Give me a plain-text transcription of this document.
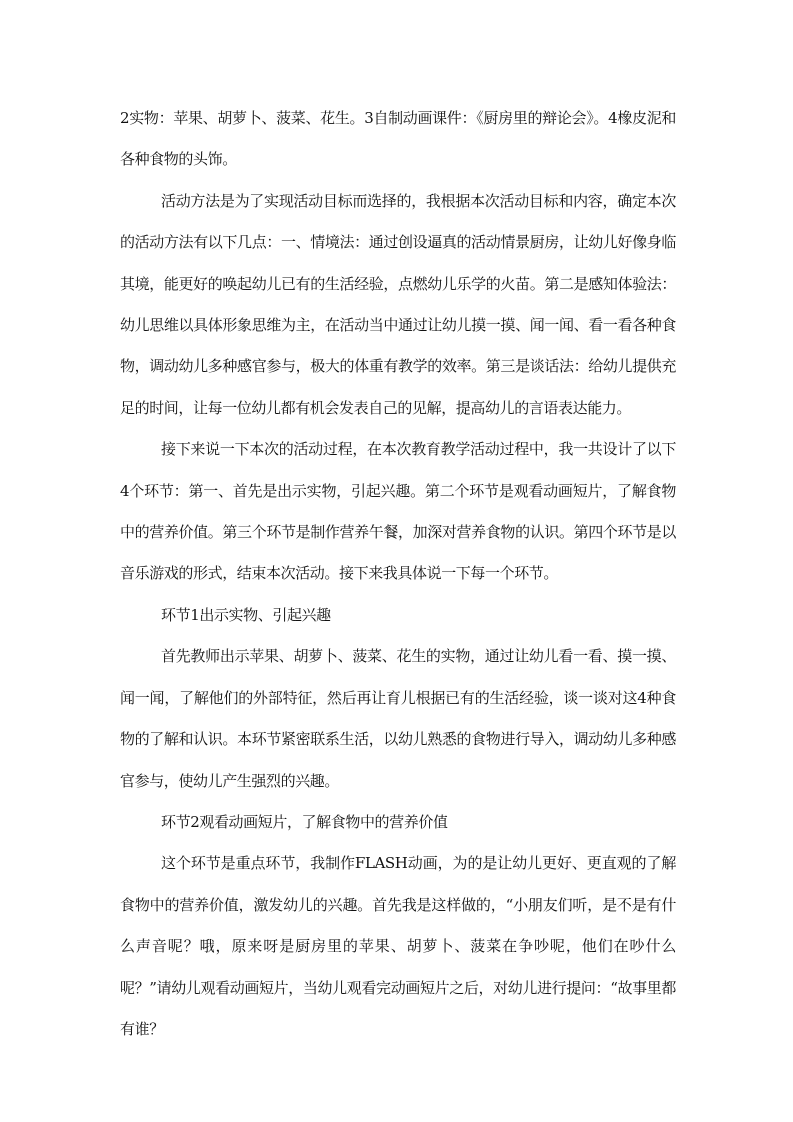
2实物：苹果、胡萝卜、菠菜、花生。3自制动画课件：《厨房里的辩论会》。4橡皮泥和各种食物的头饰。

活动方法是为了实现活动目标而选择的，我根据本次活动目标和内容，确定本次的活动方法有以下几点：一、情境法：通过创设逼真的活动情景厨房，让幼儿好像身临其境，能更好的唤起幼儿已有的生活经验，点燃幼儿乐学的火苗。第二是感知体验法：幼儿思维以具体形象思维为主，在活动当中通过让幼儿摸一摸、闻一闻、看一看各种食物，调动幼儿多种感官参与，极大的体重有教学的效率。第三是谈话法：给幼儿提供充足的时间，让每一位幼儿都有机会发表自己的见解，提高幼儿的言语表达能力。

接下来说一下本次的活动过程，在本次教育教学活动过程中，我一共设计了以下4个环节：第一、首先是出示实物，引起兴趣。第二个环节是观看动画短片，了解食物中的营养价值。第三个环节是制作营养午餐，加深对营养食物的认识。第四个环节是以音乐游戏的形式，结束本次活动。接下来我具体说一下每一个环节。

环节1出示实物、引起兴趣

首先教师出示苹果、胡萝卜、菠菜、花生的实物，通过让幼儿看一看、摸一摸、闻一闻，了解他们的外部特征，然后再让育儿根据已有的生活经验，谈一谈对这4种食物的了解和认识。本环节紧密联系生活，以幼儿熟悉的食物进行导入，调动幼儿多种感官参与，使幼儿产生强烈的兴趣。

环节2观看动画短片，了解食物中的营养价值

这个环节是重点环节，我制作FLASH动画，为的是让幼儿更好、更直观的了解食物中的营养价值，激发幼儿的兴趣。首先我是这样做的，“小朋友们听，是不是有什么声音呢？哦，原来呀是厨房里的苹果、胡萝卜、菠菜在争吵呢，他们在吵什么呢？”请幼儿观看动画短片，当幼儿观看完动画短片之后，对幼儿进行提问：“故事里都有谁？
